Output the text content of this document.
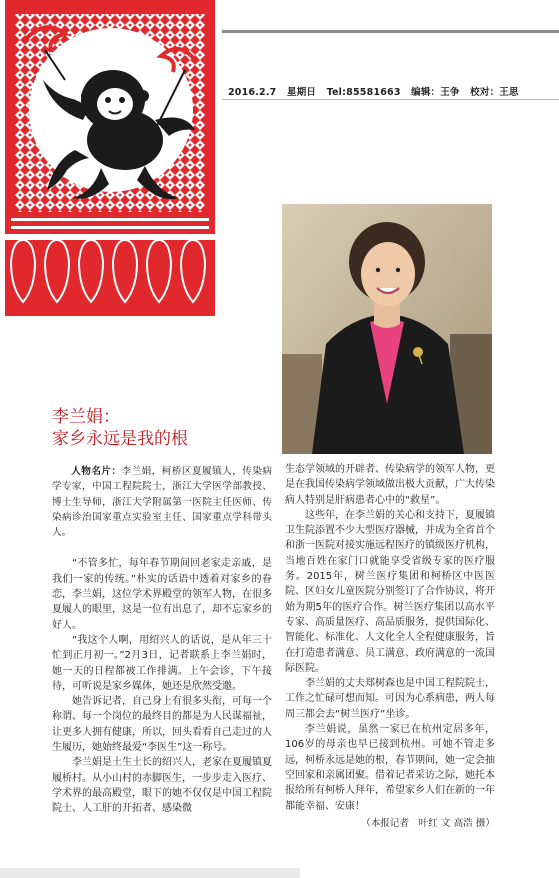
2016.2.7 星期日 Tel:85581663 编辑：王争 校对：王思
李兰娟：
家乡永远是我的根

人物名片：李兰娟，柯桥区夏履镇人，传染病学专家，中国工程院院士，浙江大学医学部教授、博士生导师，浙江大学附属第一医院主任医师、传染病诊治国家重点实验室主任、国家重点学科带头人。

“不管多忙，每年春节期间回老家走亲戚，是我们一家的传统。”朴实的话语中透着对家乡的眷恋，李兰娟，这位学术界殿堂的领军人物，在很多夏履人的眼里，这是一位有出息了，却不忘家乡的好人。

“我这个人啊，用绍兴人的话说，是从年三十忙到正月初一。”2月3日，记者联系上李兰娟时，她一天的日程都被工作排满。上午会诊，下午接待，可听说是家乡媒体，她还是欣然受邀。

她告诉记者，自己身上有很多头衔，可每一个称谓、每一个岗位的最终目的都是为人民谋福祉，让更多人拥有健康，所以，回头看看自己走过的人生履历，她始终最爱“李医生”这一称号。

李兰娟是土生土长的绍兴人，老家在夏履镇夏履桥村。从小山村的赤脚医生，一步步走入医疗、学术界的最高殿堂，眼下的她不仅仅是中国工程院院士、人工肝的开拓者、感染微

生态学领域的开辟者、传染病学的领军人物，更是在我国传染病学领域做出极大贡献，广大传染病人特别是肝病患者心中的“救星”。

这些年，在李兰娟的关心和支持下，夏履镇卫生院添置不少大型医疗器械，并成为全省首个和浙一医院对接实施远程医疗的镇级医疗机构，当地百姓在家门口就能享受省级专家的医疗服务。2015年，树兰医疗集团和柯桥区中医医院、区妇女儿童医院分别签订了合作协议，将开始为期5年的医疗合作。树兰医疗集团以高水平专家、高质量医疗、高品质服务，提供国际化、智能化、标准化、人文化全人全程健康服务，旨在打造患者满意、员工满意、政府满意的一流国际医院。

李兰娟的丈夫郑树森也是中国工程院院士，工作之忙碌可想而知。可因为心系病患，两人每周三都会去“树兰医疗”坐诊。

李兰娟说，虽然一家已在杭州定居多年，106岁的母亲也早已接到杭州。可她不管走多远，柯桥永远是她的根，春节期间，她一定会抽空回家和亲属团聚。借着记者采访之际，她托本报给所有柯桥人拜年，希望家乡人们在新的一年都能幸福、安康！

（本报记者　叶红 文 高浩 摄）
